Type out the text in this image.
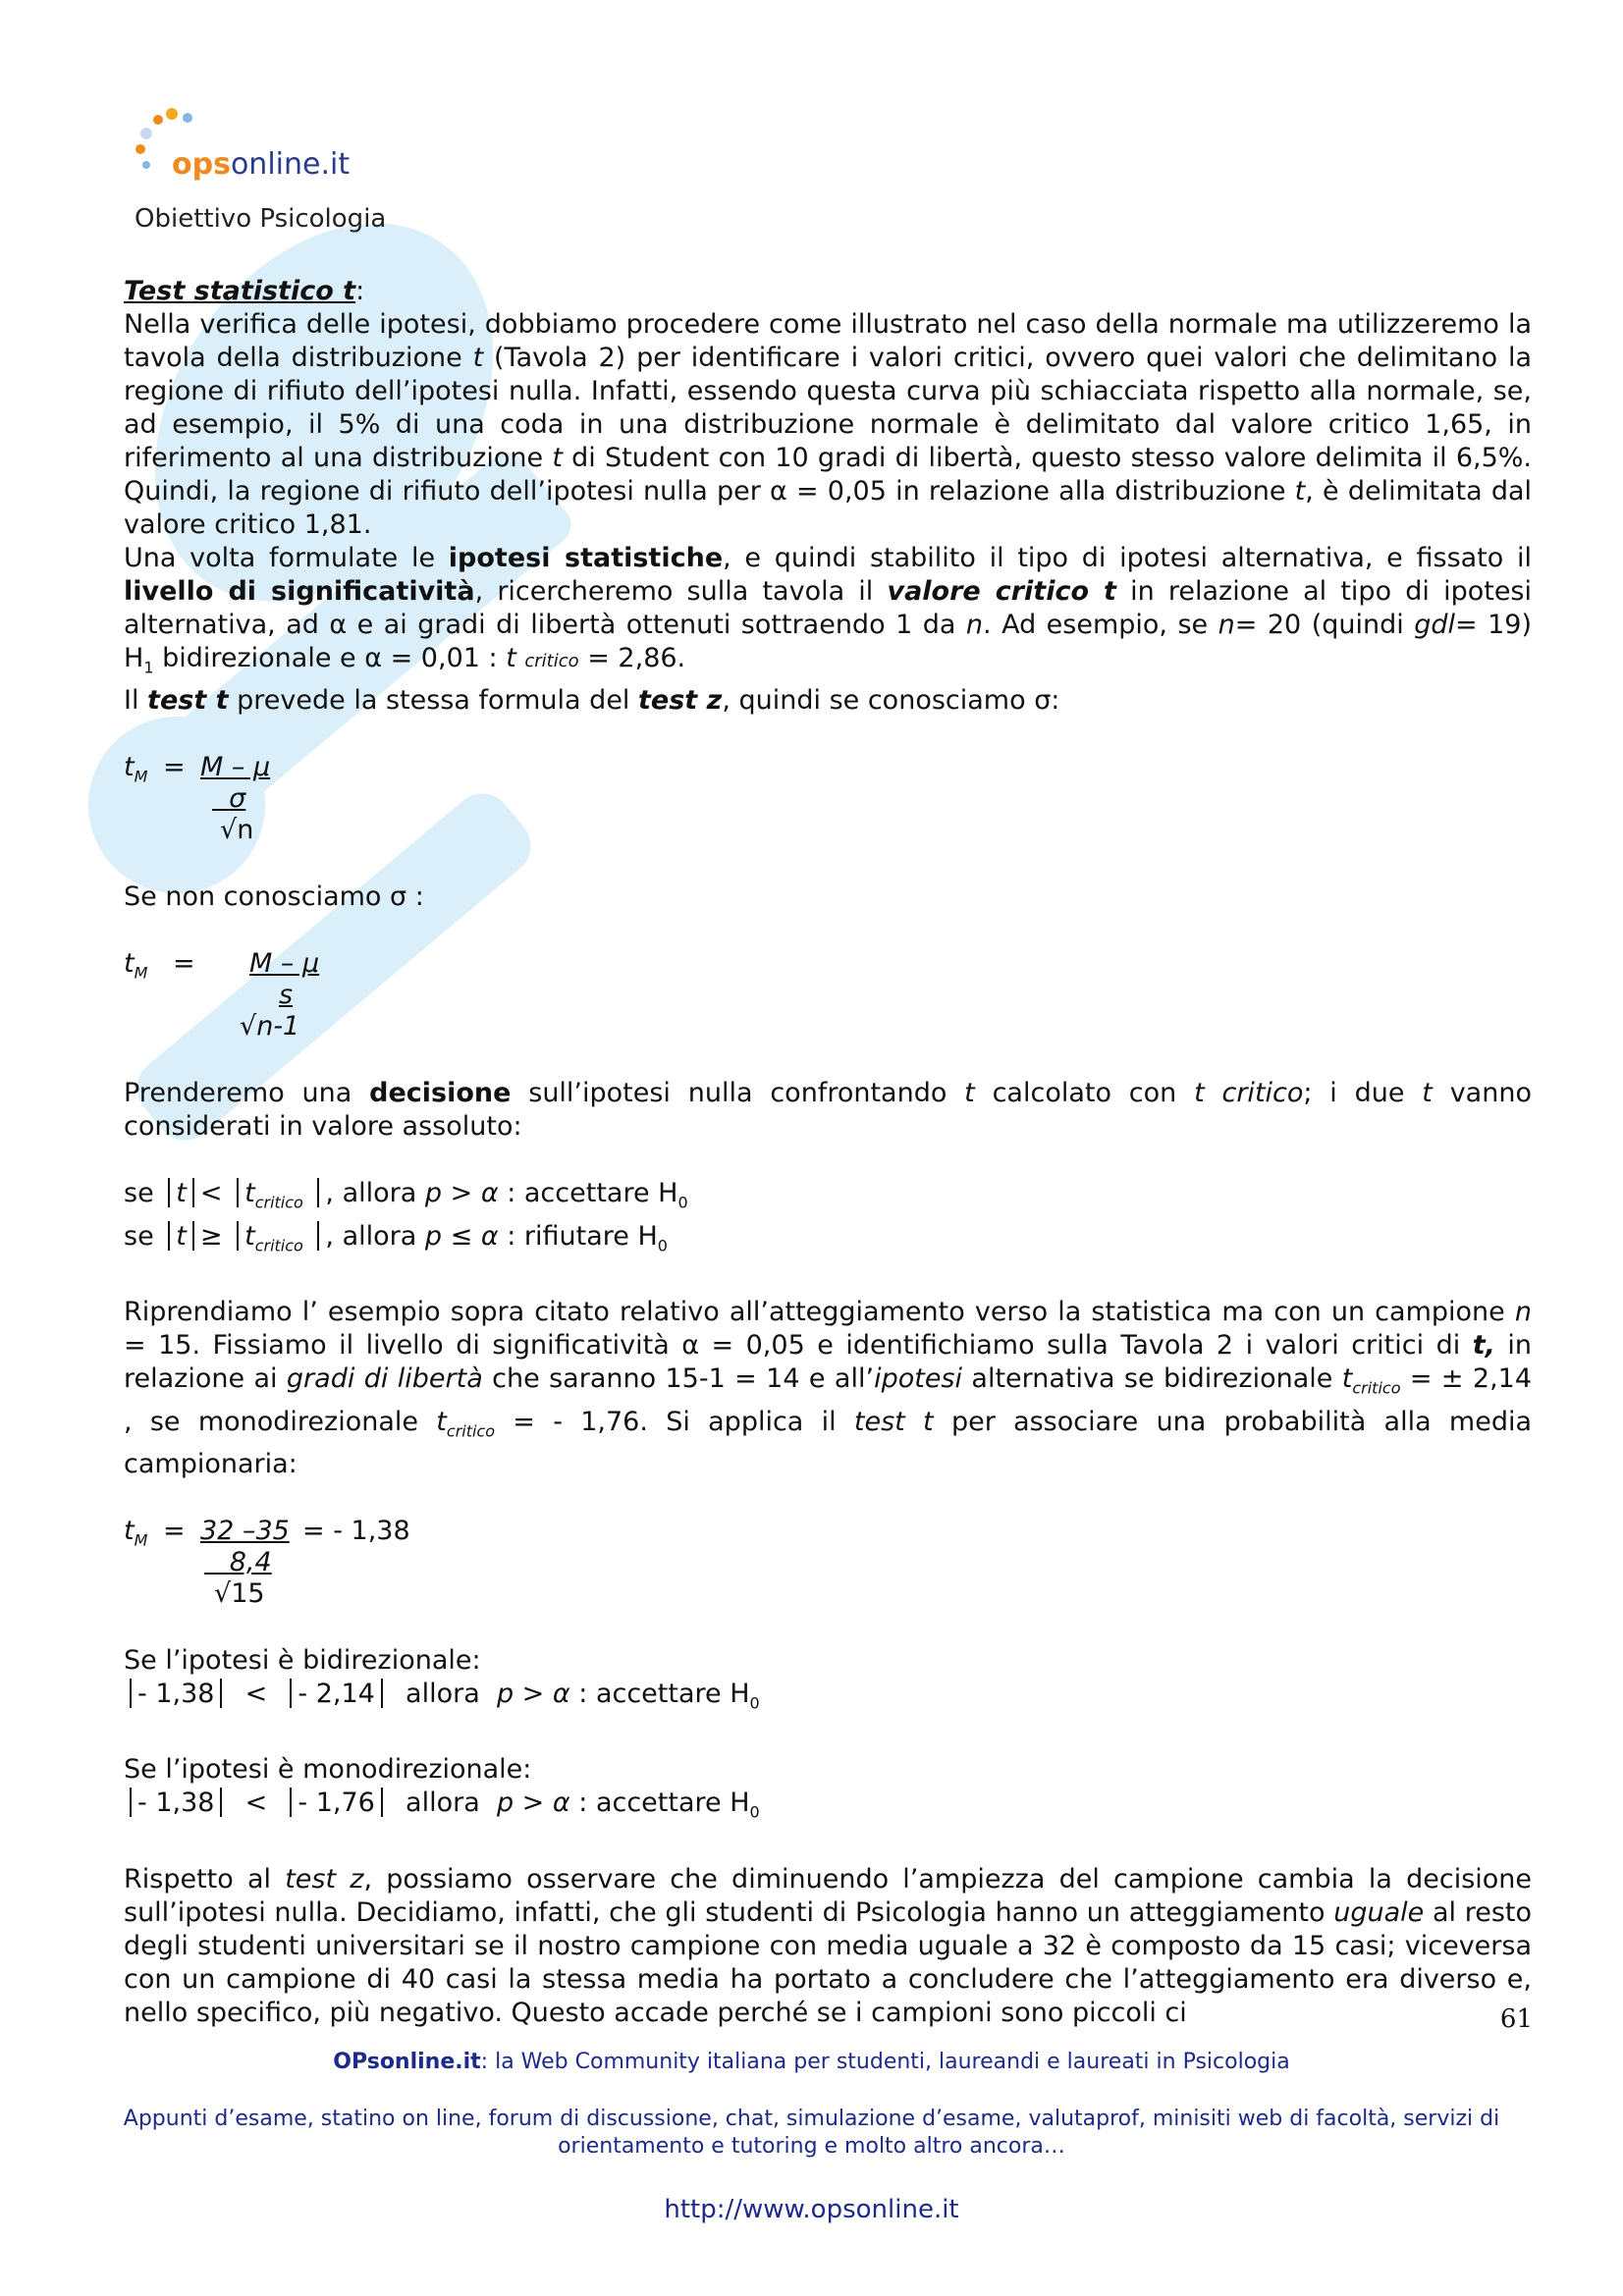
opsonline.it
Obiettivo Psicologia

Test statistico t:

Nella verifica delle ipotesi, dobbiamo procedere come illustrato nel caso della normale ma utilizzeremo la tavola della distribuzione t (Tavola 2) per identificare i valori critici, ovvero quei valori che delimitano la regione di rifiuto dell’ipotesi nulla. Infatti, essendo questa curva più schiacciata rispetto alla normale, se, ad esempio, il 5% di una coda in una distribuzione normale è delimitato dal valore critico 1,65, in riferimento al una distribuzione t di Student con 10 gradi di libertà, questo stesso valore delimita il 6,5%. Quindi, la regione di rifiuto dell’ipotesi nulla per α = 0,05 in relazione alla distribuzione t, è delimitata dal valore critico 1,81.

Una volta formulate le ipotesi statistiche, e quindi stabilito il tipo di ipotesi alternativa, e fissato il livello di significatività, ricercheremo sulla tavola il valore critico t in relazione al tipo di ipotesi alternativa, ad α e ai gradi di libertà ottenuti sottraendo 1 da n. Ad esempio, se n= 20 (quindi gdl= 19) $H_1$ bidirezionale e α = 0,01 : t critico = 2,86.

Il test t prevede la stessa formula del test z, quindi se conosciamo σ:

$t_M = M - \mu$
σ
√n

Se non conosciamo σ :

$t_M = M - \mu$
s
√n-1

Prenderemo una decisione sull’ipotesi nulla confrontando t calcolato con t critico; i due t vanno considerati in valore assoluto:

se $t < t_{critico}$ , allora p > α : accettare $H_0$

se $t \ge t_{critico}$ , allora p ≤ α : rifiutare $H_0$

Riprendiamo l’ esempio sopra citato relativo all’atteggiamento verso la statistica ma con un campione n = 15. Fissiamo il livello di significatività α = 0,05 e identifichiamo sulla Tavola 2 i valori critici di t, in relazione ai gradi di libertà che saranno 15-1 = 14 e all’ipotesi alternativa se bidirezionale $t_{critico}$ = ± 2,14 , se monodirezionale $t_{critico}$ = - 1,76. Si applica il test t per associare una probabilità alla media campionaria:

$t_M = 32$ –35 = - 1,38
8,4
√15

Se l’ipotesi è bidirezionale:

- 1,38 < - 2,14 allora p > α : accettare $H_0$

Se l’ipotesi è monodirezionale:

- 1,38 < - 1,76 allora p > α : accettare $H_0$

Rispetto al test z, possiamo osservare che diminuendo l’ampiezza del campione cambia la decisione sull’ipotesi nulla. Decidiamo, infatti, che gli studenti di Psicologia hanno un atteggiamento uguale al resto degli studenti universitari se il nostro campione con media uguale a 32 è composto da 15 casi; viceversa con un campione di 40 casi la stessa media ha portato a concludere che l’atteggiamento era diverso e, nello specifico, più negativo. Questo accade perché se i campioni sono piccoli ci	61
OPsonline.it: la Web Community italiana per studenti, laureandi e laureati in Psicologia
Appunti d’esame, statino on line, forum di discussione, chat, simulazione d’esame, valutaprof, minisiti web di facoltà, servizi di
orientamento e tutoring e molto altro ancora…
http://www.opsonline.it
